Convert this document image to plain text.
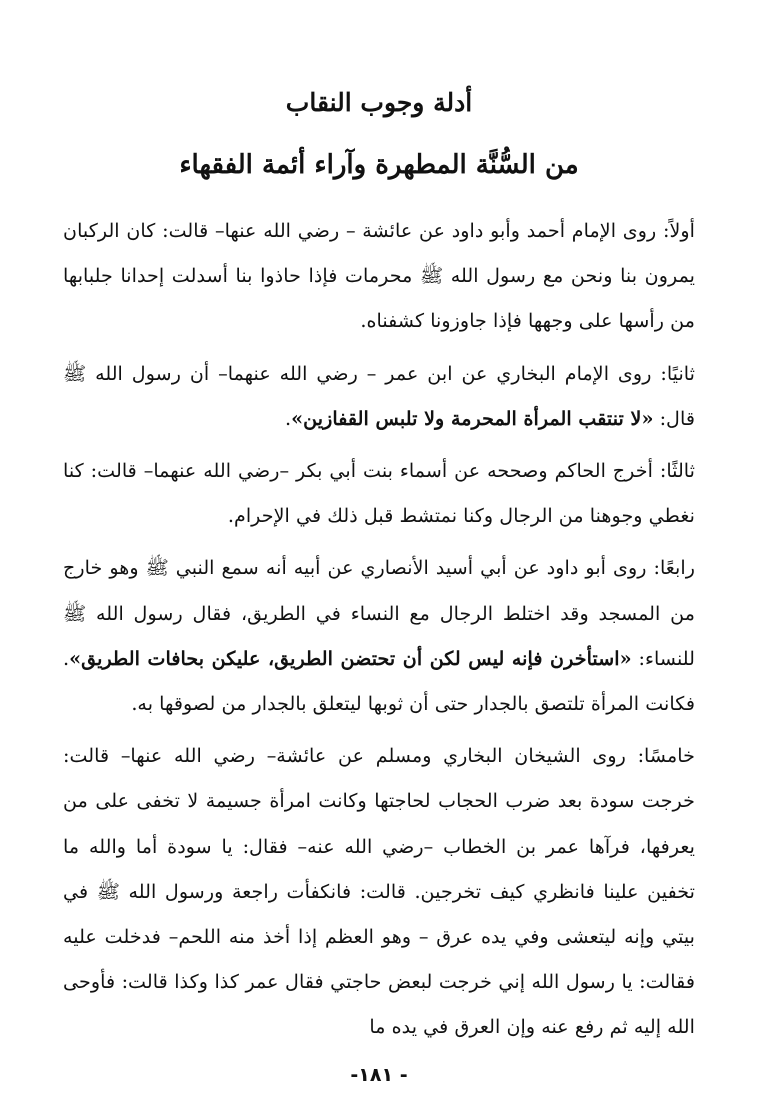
أدلة وجوب النقاب
من السُّنَّة المطهرة وآراء أئمة الفقهاء

أولاً: روى الإمام أحمد وأبو داود عن عائشة – رضي الله عنها– قالت: كان الركبان يمرون بنا ونحن مع رسول الله ﷺ محرمات فإذا حاذوا بنا أسدلت إحدانا جلبابها من رأسها على وجهها فإذا جاوزونا كشفناه.

ثانيًا: روى الإمام البخاري عن ابن عمر – رضي الله عنهما– أن رسول الله ﷺ قال: «لا تنتقب المرأة المحرمة ولا تلبس القفازين».

ثالثًا: أخرج الحاكم وصححه عن أسماء بنت أبي بكر –رضي الله عنهما– قالت: كنا نغطي وجوهنا من الرجال وكنا نمتشط قبل ذلك في الإحرام.

رابعًا: روى أبو داود عن أبي أسيد الأنصاري عن أبيه أنه سمع النبي ﷺ وهو خارج من المسجد وقد اختلط الرجال مع النساء في الطريق، فقال رسول الله ﷺ للنساء: «استأخرن فإنه ليس لكن أن تحتضن الطريق، عليكن بحافات الطريق». فكانت المرأة تلتصق بالجدار حتى أن ثوبها ليتعلق بالجدار من لصوقها به.

خامسًا: روى الشيخان البخاري ومسلم عن عائشة– رضي الله عنها– قالت: خرجت سودة بعد ضرب الحجاب لحاجتها وكانت امرأة جسيمة لا تخفى على من يعرفها، فرآها عمر بن الخطاب –رضي الله عنه– فقال: يا سودة أما والله ما تخفين علينا فانظري كيف تخرجين. قالت: فانكفأت راجعة ورسول الله ﷺ في بيتي وإنه ليتعشى وفي يده عرق – وهو العظم إذا أخذ منه اللحم– فدخلت عليه فقالت: يا رسول الله إني خرجت لبعض حاجتي فقال عمر كذا وكذا قالت: فأوحى الله إليه ثم رفع عنه وإن العرق في يده ما

- ١٨١-
